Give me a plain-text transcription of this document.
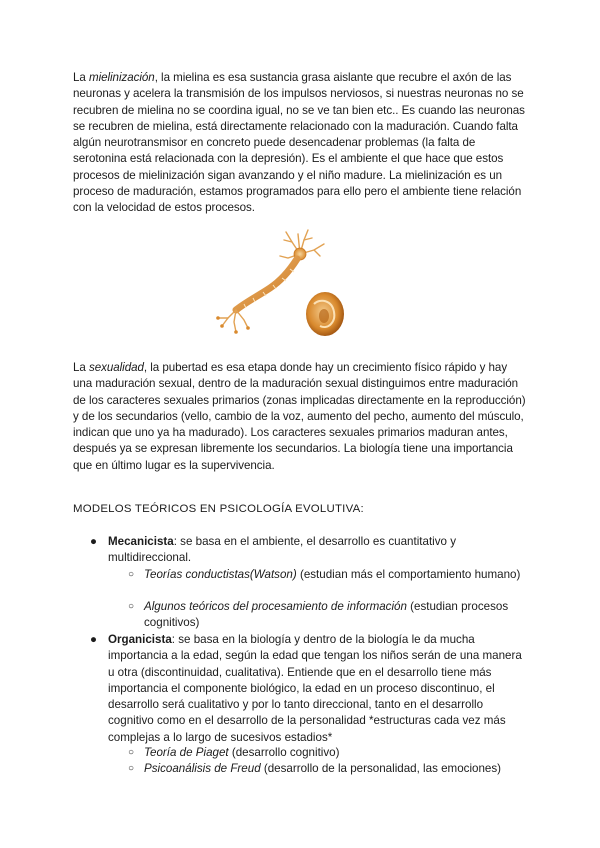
La mielinización, la mielina es esa sustancia grasa aislante que recubre el axón de las neuronas y acelera la transmisión de los impulsos nerviosos, si nuestras neuronas no se recubren de mielina no se coordina igual, no se ve tan bien etc.. Es cuando las neuronas se recubren de mielina, está directamente relacionado con la maduración. Cuando falta algún neurotransmisor en concreto puede desencadenar problemas (la falta de serotonina está relacionada con la depresión). Es el ambiente el que hace que estos procesos de mielinización sigan avanzando y el niño madure. La mielinización es un proceso de maduración, estamos programados para ello pero el ambiente tiene relación con la velocidad de estos procesos.

La sexualidad, la pubertad es esa etapa donde hay un crecimiento físico rápido y hay una maduración sexual, dentro de la maduración sexual distinguimos entre maduración de los caracteres sexuales primarios (zonas implicadas directamente en la reproducción) y de los secundarios (vello, cambio de la voz, aumento del pecho, aumento del músculo, indican que uno ya ha madurado). Los caracteres sexuales primarios maduran antes, después ya se expresan libremente los secundarios. La biología tiene una importancia que en último lugar es la supervivencia.

MODELOS TEÓRICOS EN PSICOLOGÍA EVOLUTIVA:

● Mecanicista: se basa en el ambiente, el desarrollo es cuantitativo y multidireccional.
○ Teorías conductistas(Watson) (estudian más el comportamiento humano)
○ Algunos teóricos del procesamiento de información (estudian procesos cognitivos)
● Organicista: se basa en la biología y dentro de la biología le da mucha importancia a la edad, según la edad que tengan los niños serán de una manera u otra (discontinuidad, cualitativa). Entiende que en el desarrollo tiene más importancia el componente biológico, la edad en un proceso discontinuo, el desarrollo será cualitativo y por lo tanto direccional, tanto en el desarrollo cognitivo como en el desarrollo de la personalidad *estructuras cada vez más complejas a lo largo de sucesivos estadios*
○ Teoría de Piaget (desarrollo cognitivo)
○ Psicoanálisis de Freud (desarrollo de la personalidad, las emociones)
